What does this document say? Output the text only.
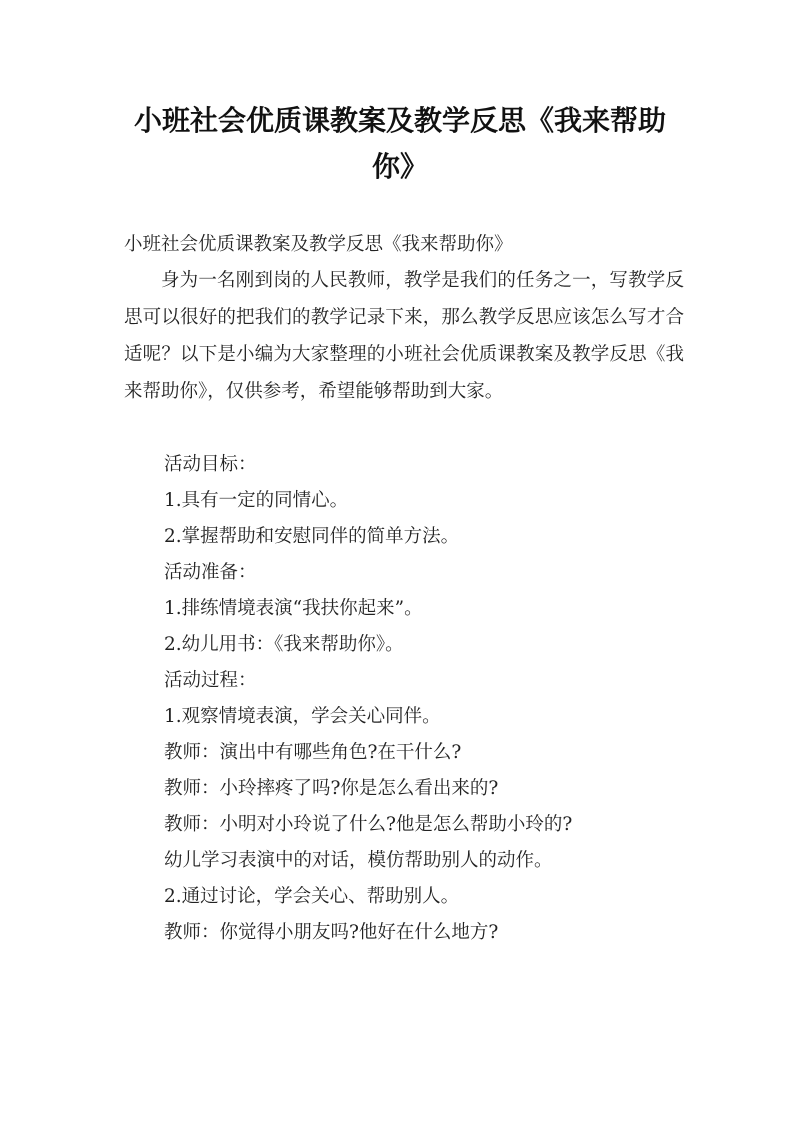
小班社会优质课教案及教学反思《我来帮助
你》

小班社会优质课教案及教学反思《我来帮助你》

身为一名刚到岗的人民教师，教学是我们的任务之一，写教学反思可以很好的把我们的教学记录下来，那么教学反思应该怎么写才合适呢？以下是小编为大家整理的小班社会优质课教案及教学反思《我来帮助你》，仅供参考，希望能够帮助到大家。

活动目标：

1.具有一定的同情心。

2.掌握帮助和安慰同伴的简单方法。

活动准备：

1.排练情境表演“我扶你起来”。

2.幼儿用书：《我来帮助你》。

活动过程：

1.观察情境表演，学会关心同伴。

教师：演出中有哪些角色?在干什么?

教师：小玲摔疼了吗?你是怎么看出来的?

教师：小明对小玲说了什么?他是怎么帮助小玲的?

幼儿学习表演中的对话，模仿帮助别人的动作。

2.通过讨论，学会关心、帮助别人。

教师：你觉得小朋友吗?他好在什么地方?
